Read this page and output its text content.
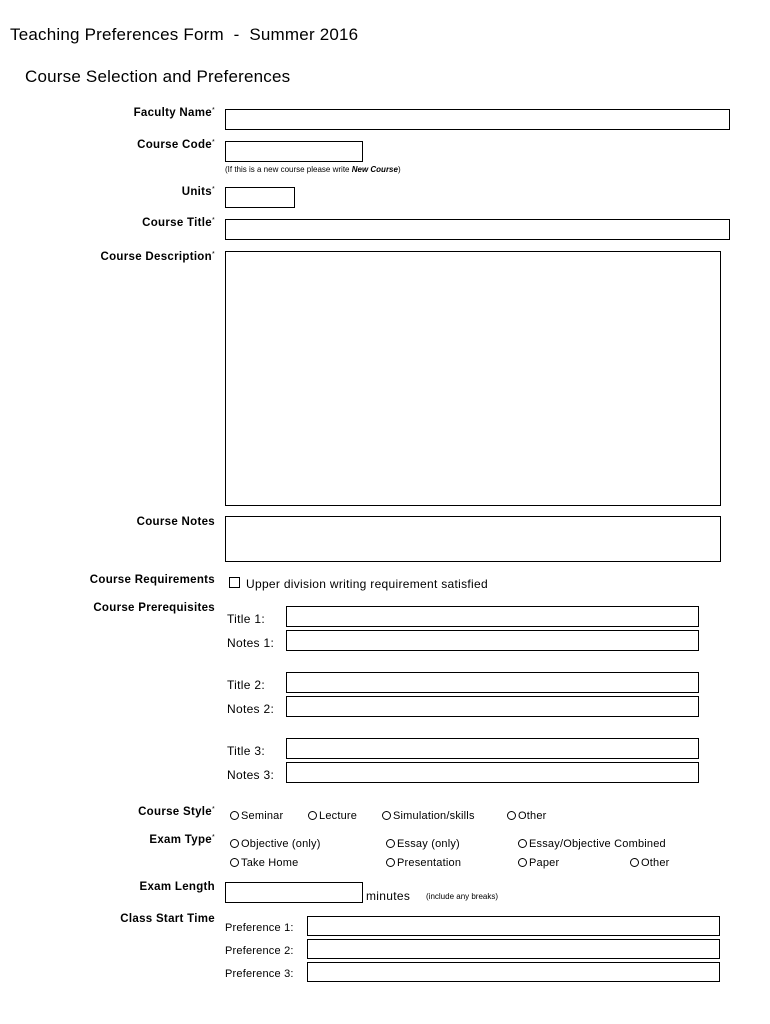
Teaching Preferences Form  -  Summer 2016
Course Selection and Preferences
Faculty Name*
Course Code*
(If this is a new course please write New Course)
Units*
Course Title*
Course Description*
Course Notes
Course Requirements	Upper division writing requirement satisfied
Course Prerequisites
Title 1:
Notes 1:
Title 2:
Notes 2:
Title 3:
Notes 3:
Course Style*
Seminar	Lecture	Simulation/skills	Other
Exam Type*
Objective (only)	Essay (only)	Essay/Objective Combined
Take Home	Presentation	Paper	Other
Exam Length
minutes (include any breaks)
Class Start Time
Preference 1:
Preference 2:
Preference 3:
